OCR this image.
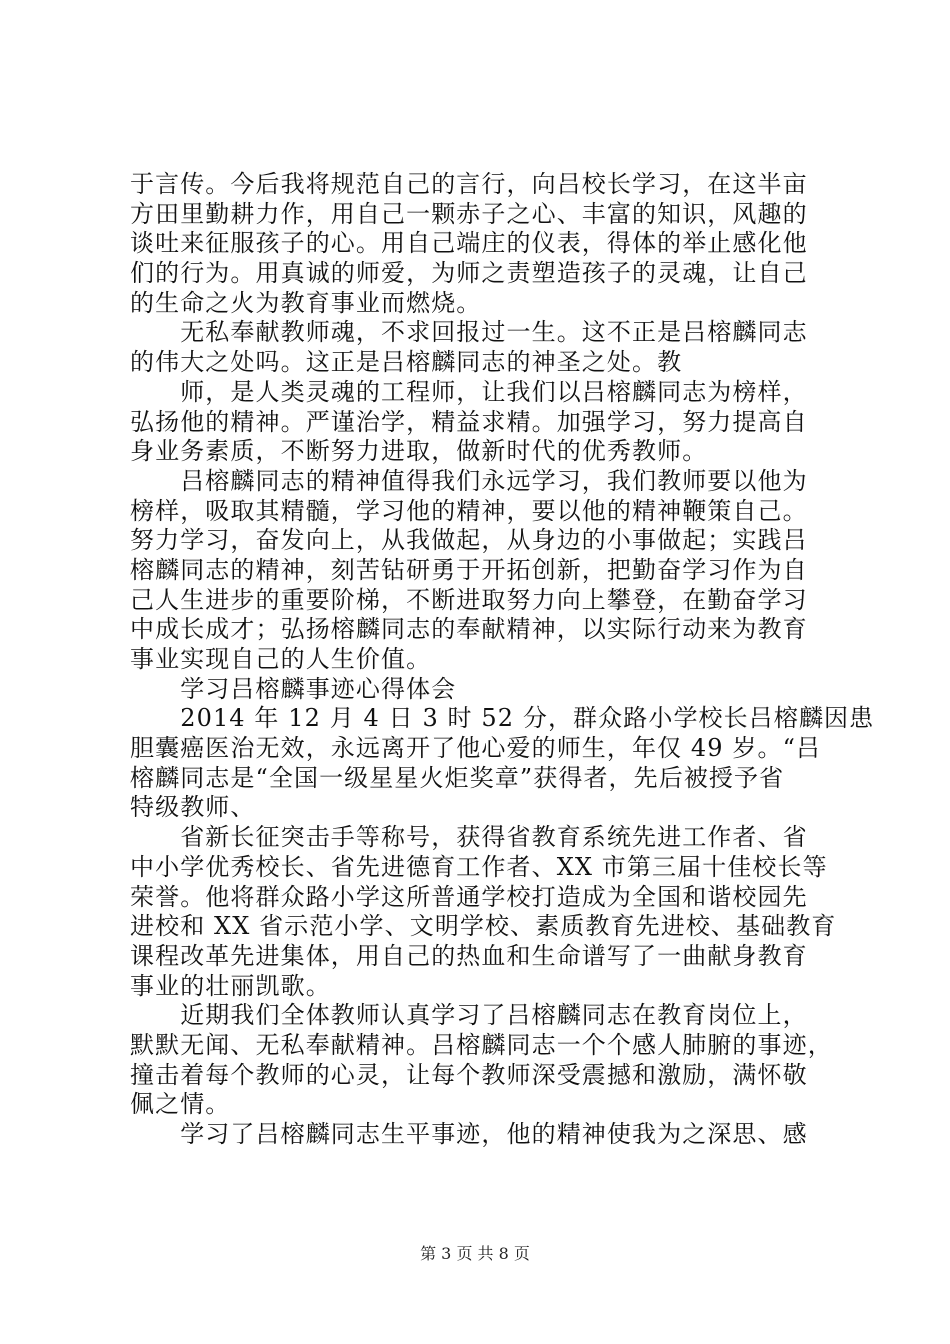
于言传。今后我将规范自己的言行，向吕校长学习，在这半亩
方田里勤耕力作，用自己一颗赤子之心、丰富的知识，风趣的
谈吐来征服孩子的心。用自己端庄的仪表，得体的举止感化他
们的行为。用真诚的师爱，为师之责塑造孩子的灵魂，让自己
的生命之火为教育事业而燃烧。
　　无私奉献教师魂，不求回报过一生。这不正是吕榕麟同志
的伟大之处吗。这正是吕榕麟同志的神圣之处。教
　　师，是人类灵魂的工程师，让我们以吕榕麟同志为榜样，
弘扬他的精神。严谨治学，精益求精。加强学习，努力提高自
身业务素质，不断努力进取，做新时代的优秀教师。
　　吕榕麟同志的精神值得我们永远学习，我们教师要以他为
榜样，吸取其精髓，学习他的精神，要以他的精神鞭策自己。
努力学习，奋发向上，从我做起，从身边的小事做起；实践吕
榕麟同志的精神，刻苦钻研勇于开拓创新，把勤奋学习作为自
己人生进步的重要阶梯，不断进取努力向上攀登，在勤奋学习
中成长成才；弘扬榕麟同志的奉献精神，以实际行动来为教育
事业实现自己的人生价值。
　　学习吕榕麟事迹心得体会
　　2014 年 12 月 4 日 3 时 52 分，群众路小学校长吕榕麟因患
胆囊癌医治无效，永远离开了他心爱的师生，年仅 49 岁。“吕
榕麟同志是“全国一级星星火炬奖章”获得者，先后被授予省
特级教师、
　　省新长征突击手等称号，获得省教育系统先进工作者、省
中小学优秀校长、省先进德育工作者、XX 市第三届十佳校长等
荣誉。他将群众路小学这所普通学校打造成为全国和谐校园先
进校和 XX 省示范小学、文明学校、素质教育先进校、基础教育
课程改革先进集体，用自己的热血和生命谱写了一曲献身教育
事业的壮丽凯歌。
　　近期我们全体教师认真学习了吕榕麟同志在教育岗位上，
默默无闻、无私奉献精神。吕榕麟同志一个个感人肺腑的事迹，
撞击着每个教师的心灵，让每个教师深受震撼和激励，满怀敬
佩之情。
　　学习了吕榕麟同志生平事迹，他的精神使我为之深思、感
第 3 页 共 8 页
